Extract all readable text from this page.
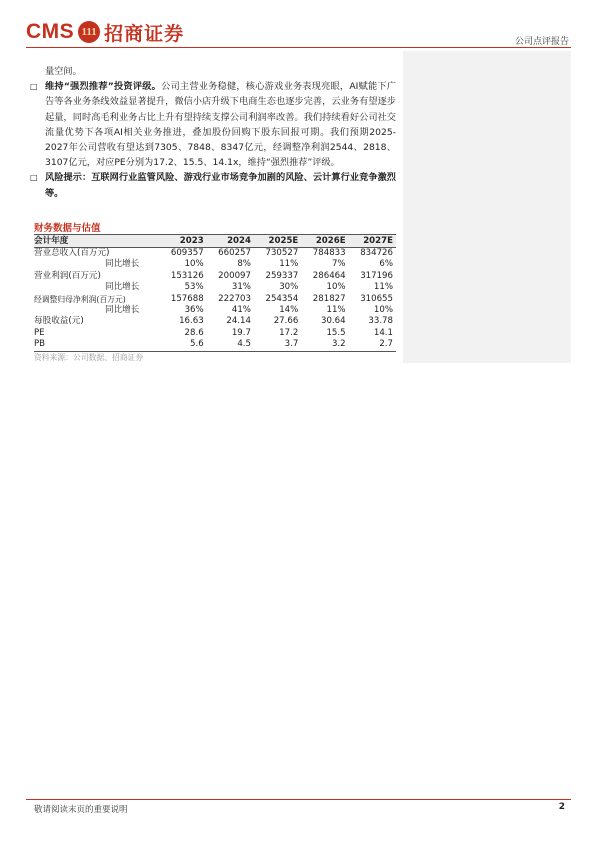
CMS 111 招商证券	公司点评报告

量空间。

□ 维持“强烈推荐”投资评级。公司主营业务稳健，核心游戏业务表现亮眼，AI赋能下广告等各业务条线效益显著提升，微信小店升级下电商生态也逐步完善，云业务有望逐步起量，同时高毛利业务占比上升有望持续支撑公司利润率改善。我们持续看好公司社交流量优势下各项AI相关业务推进，叠加股份回购下股东回报可期。我们预期2025-2027年公司营收有望达到7305、7848、8347亿元，经调整净利润2544、2818、3107亿元，对应PE分别为17.2、15.5、14.1x，维持“强烈推荐”评级。

□ 风险提示：互联网行业监管风险、游戏行业市场竞争加剧的风险、云计算行业竞争激烈等。

财务数据与估值
会计年度	2023	2024	2025E	2026E	2027E
营业总收入(百万元)	609357	660257	730527	784833	834726
同比增长	10%	8%	11%	7%	6%
营业利润(百万元)	153126	200097	259337	286464	317196
同比增长	53%	31%	30%	10%	11%
经调整归母净利润(百万元)	157688	222703	254354	281827	310655
同比增长	36%	41%	14%	11%	10%
每股收益(元)	16.63	24.14	27.66	30.64	33.78
PE	28.6	19.7	17.2	15.5	14.1
PB	5.6	4.5	3.7	3.2	2.7
资料来源：公司数据、招商证券
敬请阅读末页的重要说明	2
